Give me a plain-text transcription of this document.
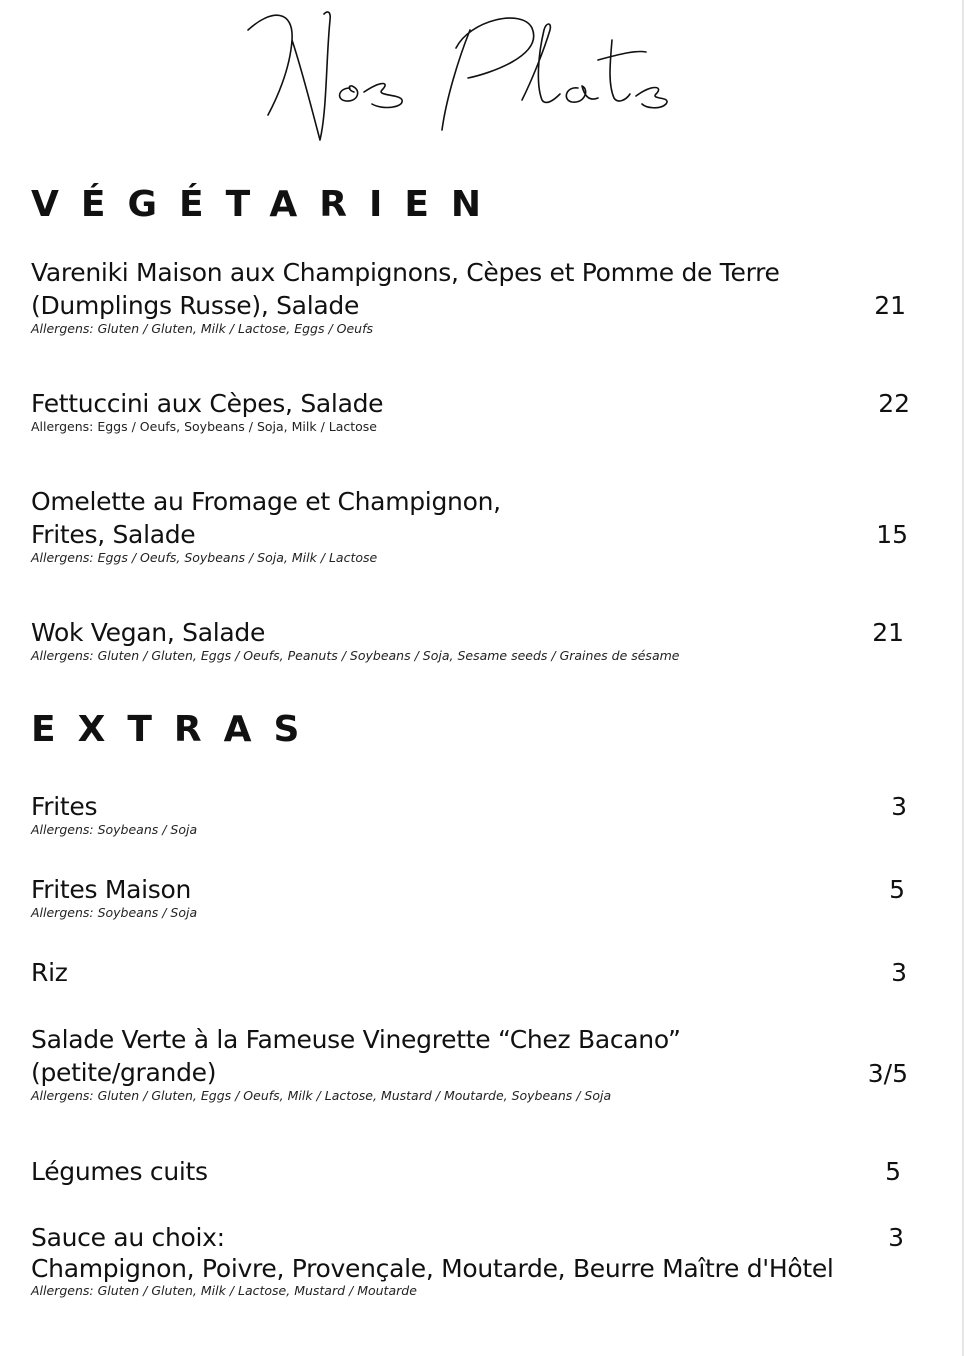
VÉGÉTARIEN
Vareniki Maison aux Champignons, Cèpes et Pomme de Terre (Dumplings Russe), Salade
Allergens: Gluten / Gluten, Milk / Lactose, Eggs / Oeufs
21
Fettuccini aux Cèpes, Salade
Allergens: Eggs / Oeufs, Soybeans / Soja, Milk / Lactose
22
Omelette au Fromage et Champignon, Frites, Salade
Allergens: Eggs / Oeufs, Soybeans / Soja, Milk / Lactose
15
Wok Vegan, Salade
Allergens: Gluten / Gluten, Eggs / Oeufs, Peanuts / Soybeans / Soja, Sesame seeds / Graines de sésame
21
EXTRAS
Frites
Allergens: Soybeans / Soja
3
Frites Maison
Allergens: Soybeans / Soja
5
Riz	3
Salade Verte à la Fameuse Vinegrette “Chez Bacano” (petite/grande)
Allergens: Gluten / Gluten, Eggs / Oeufs, Milk / Lactose, Mustard / Moutarde, Soybeans / Soja
3/5
Légumes cuits	5
Sauce au choix:
Champignon, Poivre, Provençale, Moutarde, Beurre Maître d'Hôtel
Allergens: Gluten / Gluten, Milk / Lactose, Mustard / Moutarde
3
